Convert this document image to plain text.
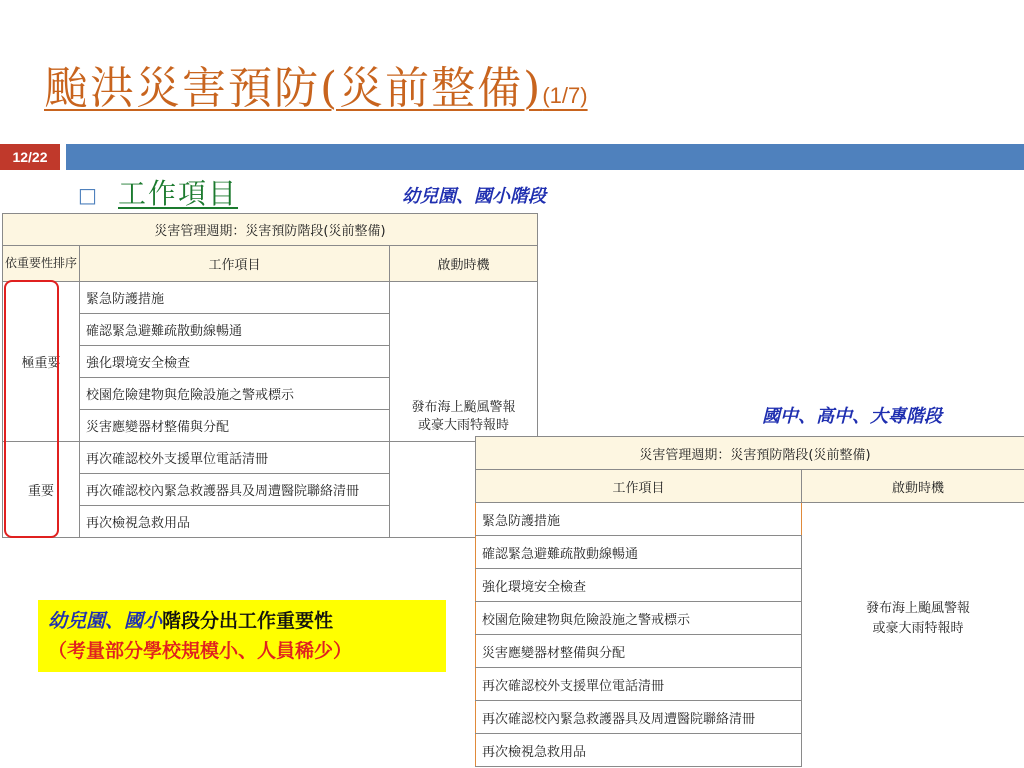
颱洪災害預防(災前整備)(1/7)
12/22
□ 工作項目	幼兒園、國小階段
國中、高中、大專階段
災害管理週期：災害預防階段(災前整備)		
依重要性排序	工作項目	啟動時機
極重要	緊急防護措施	發布海上颱風警報
或豪大雨特報時
	確認緊急避難疏散動線暢通	
	強化環境安全檢查	
	校園危險建物與危險設施之警戒標示	
	災害應變器材整備與分配	
重要	再次確認校外支援單位電話清冊	
	再次確認校內緊急救護器具及周遭醫院聯絡清冊	
	再次檢視急救用品	
災害管理週期：災害預防階段(災前整備)	
工作項目	啟動時機
緊急防護措施	發布海上颱風警報
或豪大雨特報時
確認緊急避難疏散動線暢通	
強化環境安全檢查	
校園危險建物與危險設施之警戒標示	
災害應變器材整備與分配	
再次確認校外支援單位電話清冊	
再次確認校內緊急救護器具及周遭醫院聯絡清冊	
再次檢視急救用品	
幼兒園、國小階段分出工作重要性
（考量部分學校規模小、人員稀少）
